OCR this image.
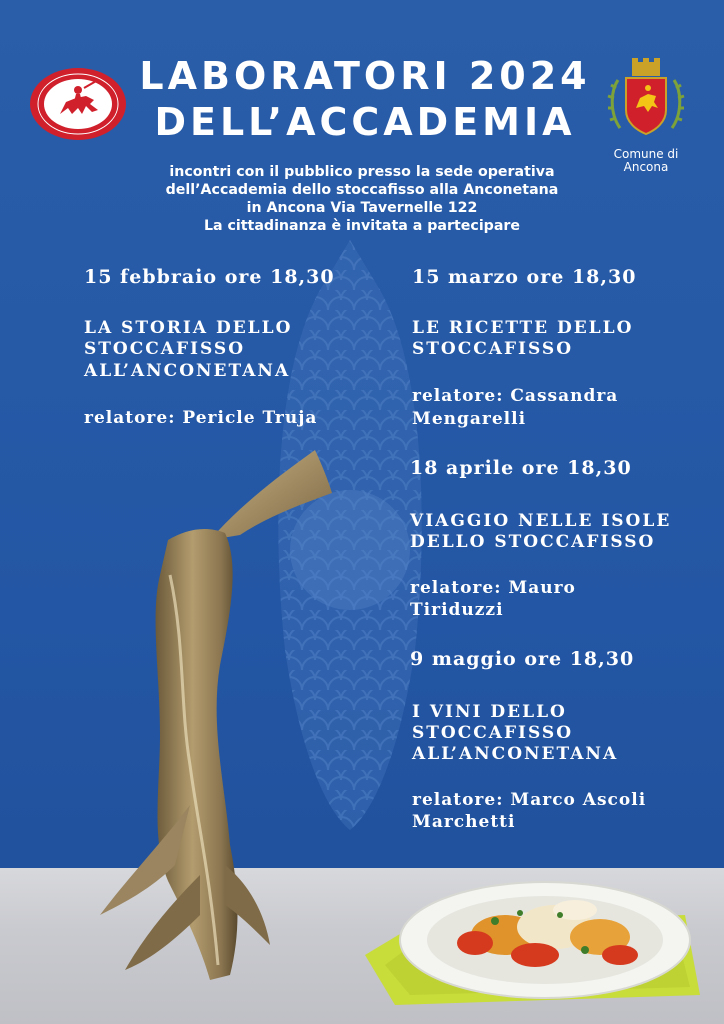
LABORATORI 2024
DELL’ACCADEMIA
Comune di
Ancona

incontri con il pubblico presso la sede operativa

dell’Accademia dello stoccafisso alla Anconetana

in Ancona Via Tavernelle 122

La cittadinanza è invitata a partecipare

15 febbraio ore 18,30

LA STORIA DELLO

STOCCAFISSO

ALL’ANCONETANA

relatore: Pericle Truja

15 marzo ore 18,30

LE RICETTE DELLO

STOCCAFISSO

relatore: Cassandra

Mengarelli

18 aprile ore 18,30

VIAGGIO NELLE ISOLE

DELLO STOCCAFISSO

relatore: Mauro

Tiriduzzi

9 maggio ore 18,30

I VINI DELLO

STOCCAFISSO

ALL’ANCONETANA

relatore: Marco Ascoli

Marchetti
